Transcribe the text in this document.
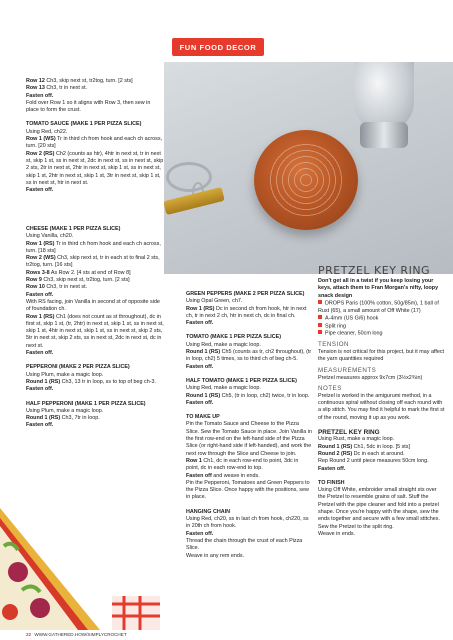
FUN FOOD DECOR

Row 12 Ch3, skip next st, tr2tog, turn. [2 sts]

Row 13 Ch3, tr in next st.

Fasten off.

Fold over Row 1 so it aligns with Row 3, then sew in place to form the crust.

TOMATO SAUCE (MAKE 1 PER PIZZA SLICE)

Using Red, ch22.

Row 1 (WS) Tr in third ch from hook and each ch across, turn. [20 sts]

Row 2 (RS) Ch2 (counts as htr), 4htr in next st, tr in next st, skip 1 st, ss in next st, 2dc in next st, ss in next st, skip 2 sts, 2tr in next st, 2htr in next st, skip 1 st, ss in next st, skip 1 st, 2htr in next st, skip 1 st, 3tr in next st, skip 1 st, ss in next st, htr in next st.

Fasten off.

CHEESE (MAKE 1 PER PIZZA SLICE)

Using Vanilla, ch20.

Row 1 (RS) Tr in third ch from hook and each ch across, turn. [18 sts]

Row 2 (WS) Ch3, skip next st, tr in each st to final 2 sts, tr2tog, turn. [16 sts]

Rows 3-8 As Row 2. [4 sts at end of Row 8]

Row 9 Ch3, skip next st, tr2tog, turn. [2 sts]

Row 10 Ch3, tr in next st.

Fasten off.

With RS facing, join Vanilla in second st of opposite side of foundation ch.

Row 1 (RS) Ch1 (does not count as st throughout), dc in first st, skip 1 st, (tr, 2htr) in next st, skip 1 st, ss in next st, skip 1 st, 4htr in next st, skip 1 st, ss in next st, skip 2 sts, 5tr in next st, skip 2 sts, ss in next st, 2dc in next st, dc in next st.

Fasten off.

PEPPERONI (MAKE 2 PER PIZZA SLICE)

Using Plum, make a magic loop.

Round 1 (RS) Ch3, 13 tr in loop, ss to top of beg ch-3.

Fasten off.

HALF PEPPERONI (MAKE 1 PER PIZZA SLICE)

Using Plum, make a magic loop.

Round 1 (RS) Ch3, 7tr in loop.

Fasten off.

GREEN PEPPERS (MAKE 2 PER PIZZA SLICE)

Using Opal Green, ch7.

Row 1 (RS) Dc in second ch from hook, htr in next ch, tr in next 2 ch, htr in next ch, dc in final ch.

Fasten off.

TOMATO (MAKE 1 PER PIZZA SLICE)

Using Red, make a magic loop.

Round 1 (RS) Ch5 (counts as tr, ch2 throughout), (tr in loop, ch2) 5 times, ss to third ch of beg ch-5.

Fasten off.

HALF TOMATO (MAKE 1 PER PIZZA SLICE)

Using Red, make a magic loop.

Round 1 (RS) Ch5, (tr in loop, ch2) twice, tr in loop.

Fasten off.

TO MAKE UP

Pin the Tomato Sauce and Cheese to the Pizza Slice. Sew the Tomato Sauce in place. Join Vanilla in the first row-end on the left-hand side of the Pizza Slice (or right-hand side if left-handed), and work the next row through the Slice and Cheese to join.

Row 1 Ch1, dc in each row-end to point, 3dc in point, dc in each row-end to top.

Fasten off and weave in ends.

Pin the Pepperoni, Tomatoes and Green Peppers to the Pizza Slice. Once happy with the positions, sew in place.

HANGING CHAIN

Using Red, ch20, ss in last ch from hook, ch220, ss in 20th ch from hook.

Fasten off.

Thread the chain through the crust of each Pizza Slice.

Weave in any rem ends.

PRETZEL KEY RING

Don't get all in a twist if you keep losing your keys, attach them to Fran Morgan's nifty, loopy snack design

DROPS Paris (100% cotton, 50g/85m), 1 ball of Rust (65), a small amount of Off White (17)

A-4mm (US G/6) hook

Split ring

Pipe cleaner, 50cm long

TENSION

Tension is not critical for this project, but it may affect the yarn quantities required

MEASUREMENTS

Pretzel measures approx 9x7cm (3½x2¾in)

NOTES

Pretzel is worked in the amigurumi method, in a continuous spiral without closing off each round with a slip stitch. You may find it helpful to mark the first st of the round, moving it up as you work.

PRETZEL KEY RING

Using Rust, make a magic loop.

Round 1 (RS) Ch1, 5dc in loop. [5 sts]

Round 2 (RS) Dc in each st around.

Rep Round 2 until piece measures 50cm long.

Fasten off.

TO FINISH

Using Off White, embroider small straight sts over the Pretzel to resemble grains of salt. Stuff the Pretzel with the pipe cleaner and fold into a pretzel shape. Once you're happy with the shape, sew the ends together and secure with a few small stitches.

Sew the Pretzel to the split ring.

Weave in ends.

22 WWW.GATHERED.HOW/SIMPLYCROCHET
